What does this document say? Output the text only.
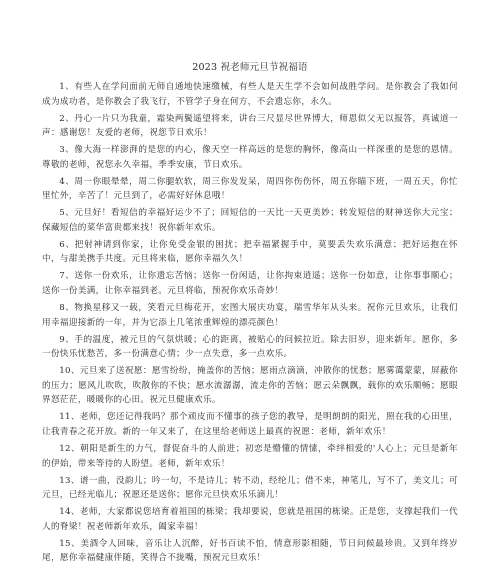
2023 祝老师元旦节祝福语

1、有些人在学问面前无师自通地快速缴械，有些人是天生学不会如何战胜学问。是你教会了我如何成为成功者，是你教会了我飞行，不管学子身在何方，不会遗忘你，永久。

2、丹心一片只为我童，霜染两鬓遥望将来，讲台三尺显尽世界博大，师恩似父无以报答，真诚道一声：感谢您！友爱的老师，祝您节日欢乐！

3、像大海一样澎湃的是您的内心，像天空一样高远的是您的胸怀，像高山一样深重的是您的恩情。尊敬的老师，祝您永久幸福，季季安康，节日欢乐。

4、周一你眼晕晕，周二你腿软软，周三你发发呆，周四你伤伤怀，周五你瞄下班，一周五天，你忙里忙外，辛苦了！元旦到了，必需好好休息哦！

5、元旦好！看短信的幸福好运少不了；回短信的一天比一天更美妙；转发短信的财神送你大元宝；保藏短信的菜华富贵都来找！祝你新年欢乐。

6、把射神请到你家，让你免受金银的困扰；把幸福紧握手中，莫要丢失欢乐满意；把好运抱在怀中，与甜美携手共度。元旦将来临，愿你幸福久久！

7、送你一份欢乐，让你遗忘苦恼；送你一份闲适，让你拘束逍遥；送你一份如意，让你事事顺心；送你一份美满，让你幸福到老。元旦将临，预祝你欢乐奇妙！

8、物换星移又一载，笑看元旦梅花开，宏图大展庆功宴，瑞雪华年从头来。祝你元旦欢乐，让我们用幸福迎接新的一年，并为它添上几笔浓重辉煌的漂亮颜色！

9、手的温度，被元旦的气氛烘暖；心的距离，被贴心的问候拉近。除去旧岁，迎来新年。愿你，多一份快乐忧愁苦，多一份满意心情；少一点失意，多一点欢乐。

10、元旦来了送祝愿：愿雪纷纷，掩盖你的苦恼；愿雨点滴滴，冲散你的忧愁；愿雾霭蒙蒙，屏蔽你的压力；愿风儿吹吹，吹散你的不快；愿水流潺潺，流走你的苦恼；愿云朵飘飘，载你的欢乐顺畅；愿眼界怒茫茫，暖暖你的心田。祝元旦健康欢乐。

11、老师，您还记得我吗？那个顽皮而不懂事的孩子您的教导，是明朗朗的阳光，照在我的心田里，让我青春之花开放。新的一年又来了，在这里给老师送上最真的祝愿：老师，新年欢乐！

12、朝阳是新生的力气，督促奋斗的人前进；初恋是懵懂的情愫，牵绊相爱的'人心上；元旦是新年的伊始，带来等待的人盼望。老师，新年欢乐！

13、谱一曲，没韵儿；吟一句，不是诗儿；转不动，经纶儿；借不来，神笔儿，写不了，美文儿；可元旦，已经光临儿；祝愿还是送你；愿你元旦快欢乐乐滴儿！

14、老师，大家都说您培育着祖国的栋梁；我却要说，您就是祖国的栋梁。正是您，支撑起我们一代人的脊梁！祝老师新年欢乐，阖家幸福！

15、美酒令人回味，音乐让人沉醉，好书百读不怕，情意形影相随，节日问候最珍贵。又到年终岁尾，愿你幸福健康伴随，笑得合不拢嘴，预祝元旦欢乐！
